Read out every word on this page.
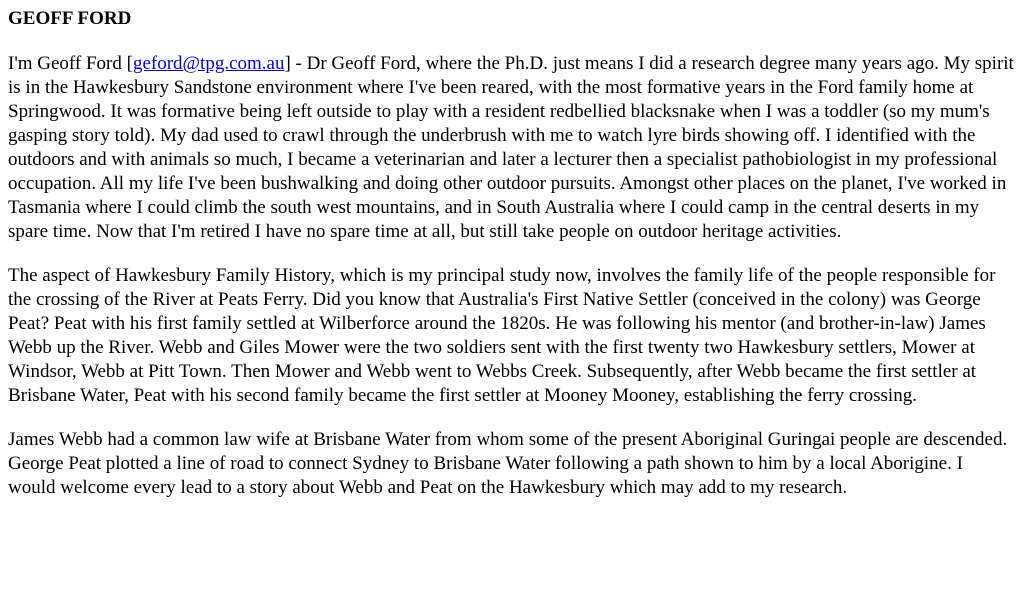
GEOFF FORD

I'm Geoff Ford [geford@tpg.com.au] - Dr Geoff Ford, where the Ph.D. just means I did a research degree many years ago. My spirit is in the Hawkesbury Sandstone environment where I've been reared, with the most formative years in the Ford family home at Springwood. It was formative being left outside to play with a resident redbellied blacksnake when I was a toddler (so my mum's gasping story told). My dad used to crawl through the underbrush with me to watch lyre birds showing off. I identified with the outdoors and with animals so much, I became a veterinarian and later a lecturer then a specialist pathobiologist in my professional occupation. All my life I've been bushwalking and doing other outdoor pursuits. Amongst other places on the planet, I've worked in Tasmania where I could climb the south west mountains, and in South Australia where I could camp in the central deserts in my spare time. Now that I'm retired I have no spare time at all, but still take people on outdoor heritage activities.

The aspect of Hawkesbury Family History, which is my principal study now, involves the family life of the people responsible for the crossing of the River at Peats Ferry. Did you know that Australia's First Native Settler (conceived in the colony) was George Peat? Peat with his first family settled at Wilberforce around the 1820s. He was following his mentor (and brother-in-law) James Webb up the River. Webb and Giles Mower were the two soldiers sent with the first twenty two Hawkesbury settlers, Mower at Windsor, Webb at Pitt Town. Then Mower and Webb went to Webbs Creek. Subsequently, after Webb became the first settler at Brisbane Water, Peat with his second family became the first settler at Mooney Mooney, establishing the ferry crossing.

James Webb had a common law wife at Brisbane Water from whom some of the present Aboriginal Guringai people are descended. George Peat plotted a line of road to connect Sydney to Brisbane Water following a path shown to him by a local Aborigine. I would welcome every lead to a story about Webb and Peat on the Hawkesbury which may add to my research.
